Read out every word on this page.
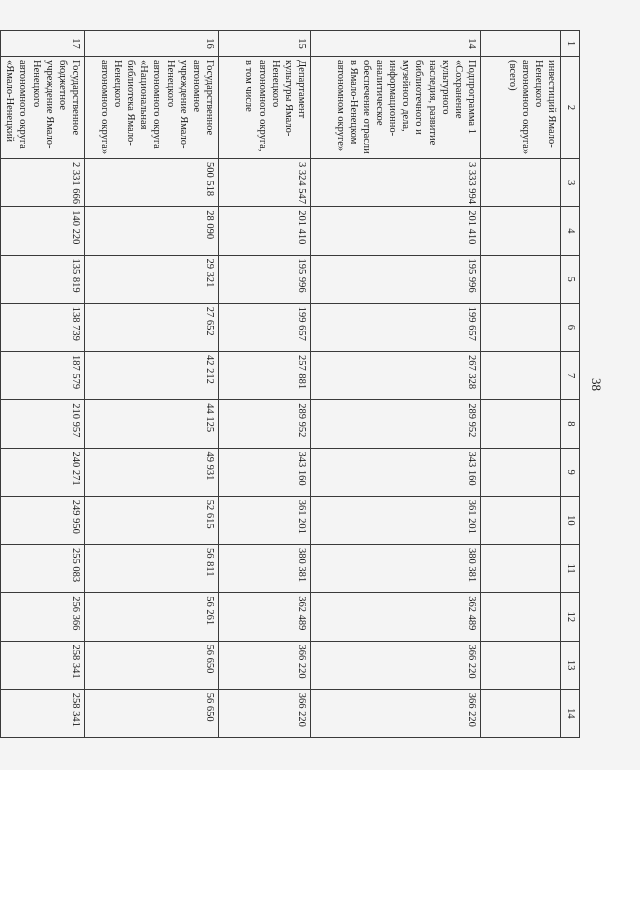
38
1	2	3	4	5	6	7	8	9	10	11	12	13	14
	инвестиций Ямало-Ненецкого автономного округа» (всего)												
14	Подпрограмма 1 «Сохранение культурного наследия, развитие библиотечного и музейного дела, информационно-аналитическое обеспечение отрасли в Ямало-Ненецком автономном округе»	3 333 994	201 410	195 996	199 657	267 328	289 952	343 160	361 201	380 381	362 489	366 220	366 220
15	Департамент культуры Ямало-Ненецкого автономного округа, в том числе	3 324 547	201 410	195 996	199 657	257 881	289 952	343 160	361 201	380 381	362 489	366 220	366 220
16	Государственное автономное учреждение Ямало-Ненецкого автономного округа «Национальная библиотека Ямало-Ненецкого автономного округа»	500 518	28 090	29 321	27 652	42 212	44 125	49 931	52 615	56 811	56 261	56 650	56 650
17	Государственное бюджетное учреждение Ямало-Ненецкого автономного округа «Ямало-Ненецкий	2 331 666	140 220	135 819	138 739	187 579	210 957	240 271	249 950	255 083	256 366	258 341	258 341
